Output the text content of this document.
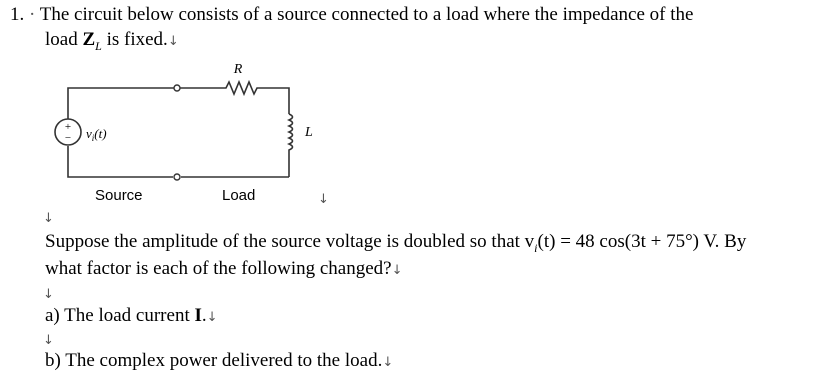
1. · The circuit below consists of a source connected to a load where the impedance of the
load $Z_L$ is fixed.↓
+
−
R
L
$v_i(t)$
Source	Load	↓
↓
Suppose the amplitude of the source voltage is doubled so that $v_i(t) = 48$ cos(3t + 75°) V. By
what factor is each of the following changed?↓
↓
a) The load current I.↓
↓
b) The complex power delivered to the load.↓
